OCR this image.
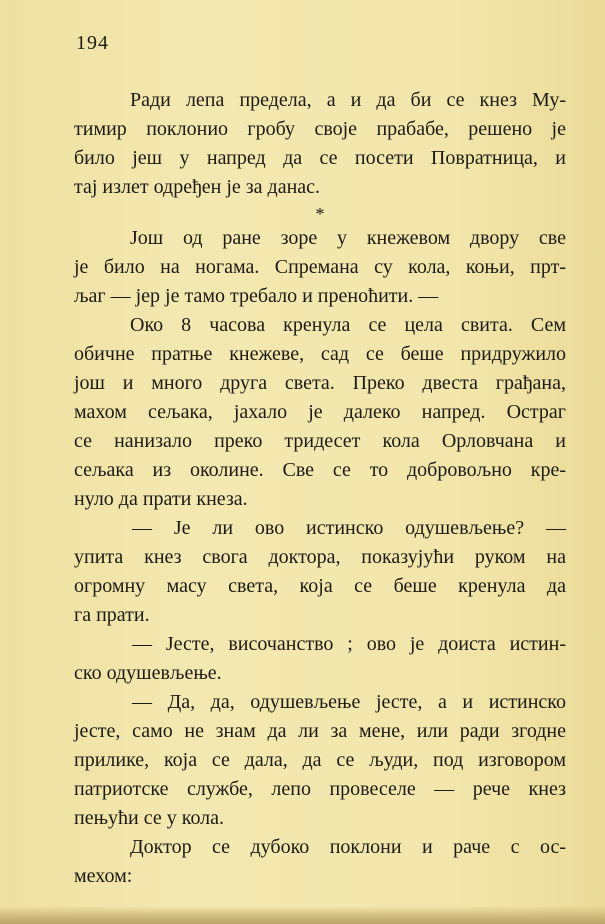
194
Ради лепа предела, а и да би се кнез Му-
тимир поклонио гробу своје прабабе, решено је
било јеш у напред да се посети Повратница, и
тај излет одређен је за данас.
*
Још од ране зоре у кнежевом двору све
је било на ногама. Спремана су кола, коњи, прт-
љаг — јер је тамо требало и преноћити. —
Око 8 часова кренула се цела свита. Сем
обичне пратње кнежеве, сад се беше придружило
још и много друга света. Преко двеста грађана,
махом сељака, јахало је далеко напред. Остраг
се нанизало преко тридесет кола Орловчана и
сељака из околине. Све се то добровољно кре-
нуло да прати кнеза.
— Је ли ово истинско одушевљење? —
упита кнез свога доктора, показујући руком на
огромну масу света, која се беше кренула да
га прати.
— Јесте, височанство ; ово је доиста истин-
ско одушевљење.
— Да, да, одушевљење јесте, а и истинско
јесте, само не знам да ли за мене, или ради згодне
прилике, која се дала, да се људи, под изговором
патриотске службе, лепо провеселе — рече кнез
пењући се у кола.
Доктор се дубоко поклони и раче с ос-
мехом:
